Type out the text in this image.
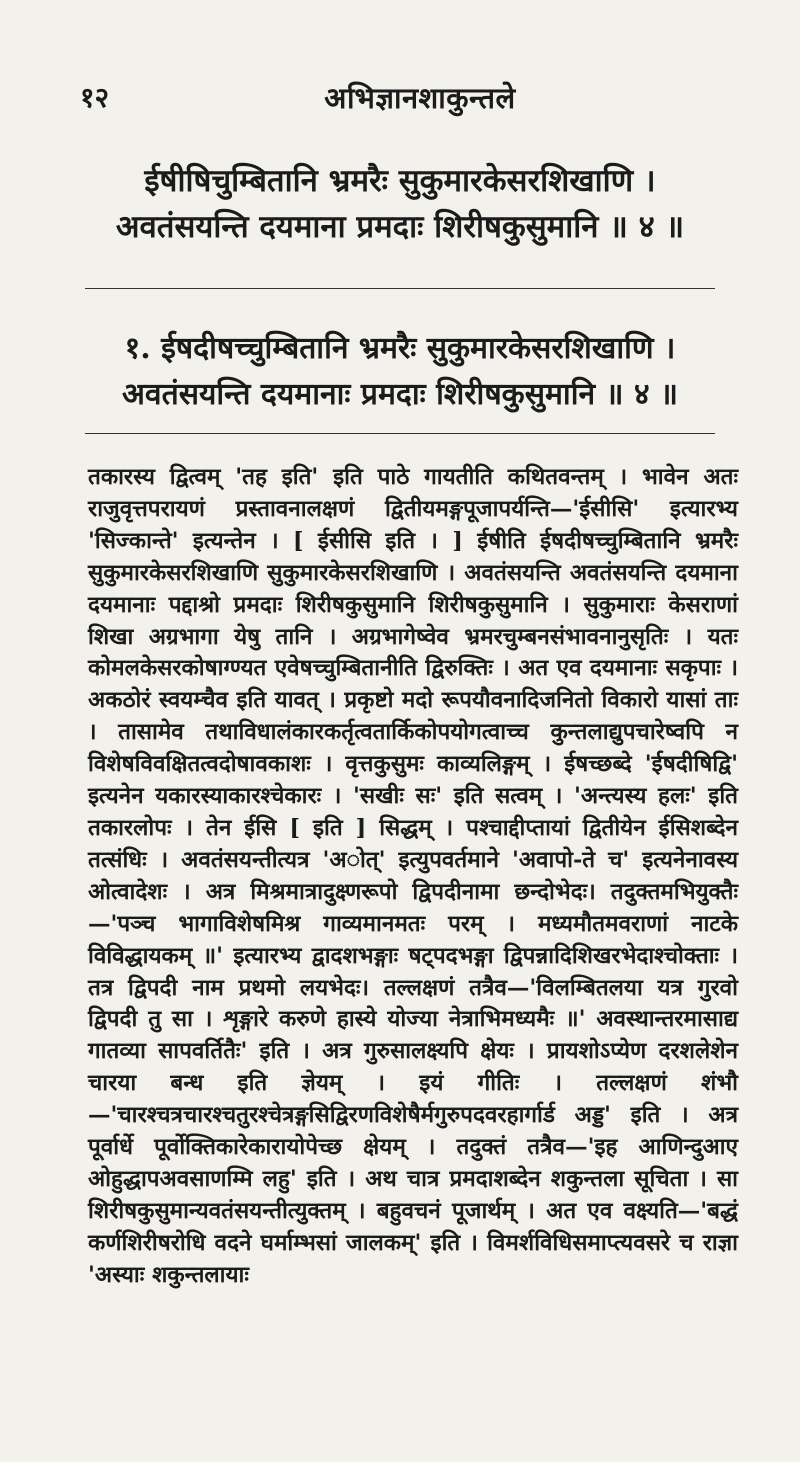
१२	अभिज्ञानशाकुन्तले
ईषीषिचुम्बितानि भ्रमरैः सुकुमारकेसरशिखाणि ।
अवतंसयन्ति दयमाना प्रमदाः शिरीषकुसुमानि ॥ ४ ॥
१. ईषदीषच्चुम्बितानि भ्रमरैः सुकुमारकेसरशिखाणि ।
अवतंसयन्ति दयमानाः प्रमदाः शिरीषकुसुमानि ॥ ४ ॥
तकारस्य द्वित्वम् 'तह इति' इति पाठे गायतीति कथितवन्तम् । भावेन अतः राजुवृत्तपरायणं प्रस्तावनालक्षणं द्वितीयमङ्गपूजापर्यन्ति—'ईसीसि' इत्यारभ्य 'सिज्कान्ते' इत्यन्तेन । [ ईसीसि इति । ] ईषीति ईषदीषच्चुम्बितानि भ्रमरैः सुकुमारकेसरशिखाणि सुकुमारकेसरशिखाणि । अवतंसयन्ति अवतंसयन्ति दयमाना दयमानाः पद्दाश्रो प्रमदाः शिरीषकुसुमानि शिरीषकुसुमानि । सुकुमाराः केसराणां शिखा अग्रभागा येषु तानि । अग्रभागेष्वेव भ्रमरचुम्बनसंभावनानुसृतिः । यतः कोमलकेसरकोषाग्ण्यत एवेषच्चुम्बितानीति द्विरुक्तिः । अत एव दयमानाः सकृपाः । अकठोरं स्वयम्चैव इति यावत् । प्रकृष्टो मदो रूपयौवनादिजनितो विकारो यासां ताः । तासामेव तथाविधालंकारकर्तृत्वतार्किकोपयोगत्वाच्च कुन्तलाद्युपचारेष्वपि न विशेषविवक्षितत्वदोषावकाशः । वृत्तकुसुमः काव्यलिङ्गम् । ईषच्छब्दे 'ईषदीषिद्वि' इत्यनेन यकारस्याकारश्चेकारः । 'सखीः सः' इति सत्वम् । 'अन्त्यस्य हलः' इति तकारलोपः । तेन ईसि [ इति ] सिद्धम् । पश्चाद्दीप्तायां द्वितीयेन ईसिशब्देन तत्संधिः । अवतंसयन्तीत्यत्र 'अोत्' इत्युपवर्तमाने 'अवापो-ते च' इत्यनेनावस्य ओत्वादेशः । अत्र मिश्रमात्रादुक्ष्णरूपो द्विपदीनामा छन्दोभेदः। तदुक्तमभियुक्तैः—'पञ्च भागाविशेषमिश्र गाव्यमानमतः परम् । मध्यमौतमवराणां नाटके विविद्धायकम् ॥' इत्यारभ्य द्वादशभङ्गाः षट्पदभङ्गा द्विपन्नादिशिखरभेदाश्चोक्ताः । तत्र द्विपदी नाम प्रथमो लयभेदः। तल्लक्षणं तत्रैव—'विलम्बितलया यत्र गुरवो द्विपदी तु सा । शृङ्गारे करुणे हास्ये योज्या नेत्राभिमध्यमैः ॥' अवस्थान्तरमासाद्य गातव्या सापवर्तितैः' इति । अत्र गुरुसालक्ष्यपि क्षेयः । प्रायशोऽप्येण दरशलेशेन चारया बन्ध इति ज्ञेयम् । इयं गीतिः । तल्लक्षणं शंभौ—'चारश्चत्रचारश्चतुरश्चेत्रङ्गसिद्विरणविशेषैर्मगुरुपदवरहार्गार्ड अड्ड' इति । अत्र पूर्वार्धे पूर्वोक्तिकारेकारायोपेच्छ क्षेयम् । तदुक्तं तत्रैव—'इह आणिन्दुआए ओहुद्धापअवसाणम्मि लहु' इति । अथ चात्र प्रमदाशब्देन शकुन्तला सूचिता । सा शिरीषकुसुमान्यवतंसयन्तीत्युक्तम् । बहुवचनं पूजार्थम् । अत एव वक्ष्यति—'बद्धं कर्णशिरीषरोधि वदने घर्माम्भसां जालकम्' इति । विमर्शविधिसमाप्त्यवसरे च राज्ञा 'अस्याः शकुन्तलायाः
